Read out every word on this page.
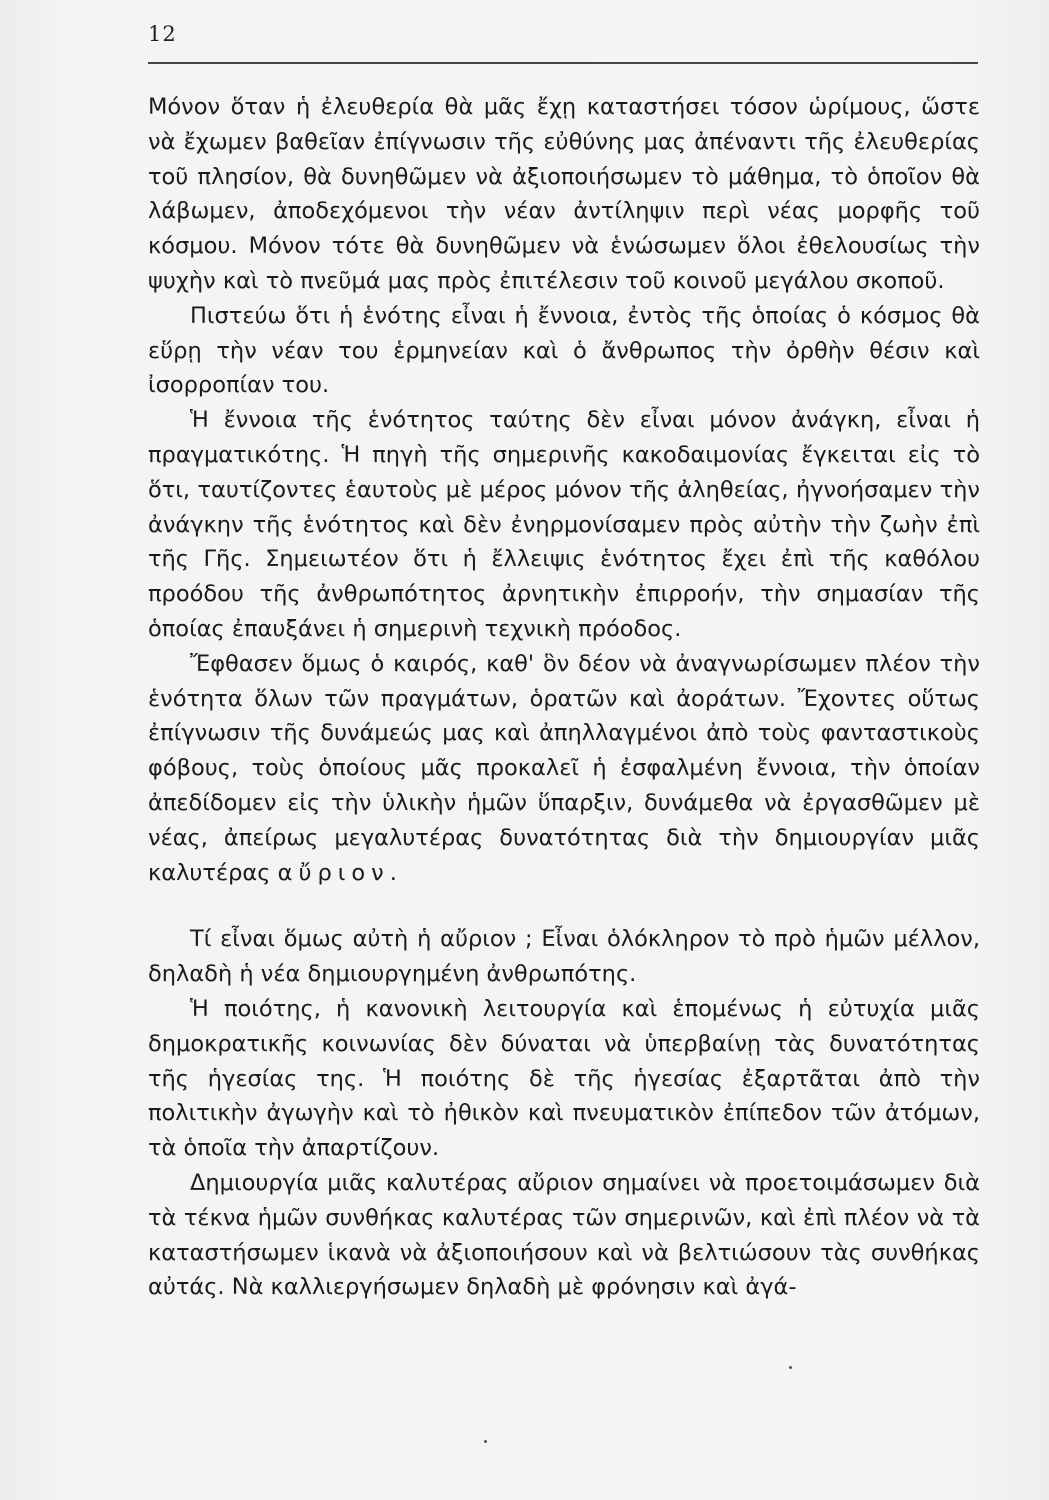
12

Μόνον ὅταν ἡ ἐλευθερία θὰ μᾶς ἔχῃ καταστήσει τόσον ὡρίμους, ὥστε νὰ ἔχωμεν βαθεῖαν ἐπίγνωσιν τῆς εὐθύνης μας ἀπέναντι τῆς ἐλευθερίας τοῦ πλησίον, θὰ δυνηθῶμεν νὰ ἀξιοποιήσωμεν τὸ μάθημα, τὸ ὁποῖον θὰ λάβωμεν, ἀποδεχόμενοι τὴν νέαν ἀντίληψιν περὶ νέας μορφῆς τοῦ κόσμου. Μόνον τότε θὰ δυνηθῶμεν νὰ ἑνώσωμεν ὅλοι ἐθελουσίως τὴν ψυχὴν καὶ τὸ πνεῦμά μας πρὸς ἐπιτέλεσιν τοῦ κοινοῦ μεγάλου σκοποῦ.

Πιστεύω ὅτι ἡ ἑνότης εἶναι ἡ ἔννοια, ἐντὸς τῆς ὁποίας ὁ κόσμος θὰ εὕρῃ τὴν νέαν του ἑρμηνείαν καὶ ὁ ἄνθρωπος τὴν ὀρθὴν θέσιν καὶ ἰσορροπίαν του.

Ἡ ἔννοια τῆς ἑνότητος ταύτης δὲν εἶναι μόνον ἀνάγκη, εἶναι ἡ πραγματικότης. Ἡ πηγὴ τῆς σημερινῆς κακοδαιμονίας ἔγκειται εἰς τὸ ὅτι, ταυτίζοντες ἑαυτοὺς μὲ μέρος μόνον τῆς ἀληθείας, ἠγνοήσαμεν τὴν ἀνάγκην τῆς ἑνότητος καὶ δὲν ἐνηρμονίσαμεν πρὸς αὐτὴν τὴν ζωὴν ἐπὶ τῆς Γῆς. Σημειωτέον ὅτι ἡ ἔλλειψις ἑνότητος ἔχει ἐπὶ τῆς καθόλου προόδου τῆς ἀνθρωπότητος ἀρνητικὴν ἐπιρροήν, τὴν σημασίαν τῆς ὁποίας ἐπαυξάνει ἡ σημερινὴ τεχνικὴ πρόοδος.

Ἔφθασεν ὅμως ὁ καιρός, καθ' ὃν δέον νὰ ἀναγνωρίσωμεν πλέον τὴν ἑνότητα ὅλων τῶν πραγμάτων, ὁρατῶν καὶ ἀοράτων. Ἔχοντες οὕτως ἐπίγνωσιν τῆς δυνάμεώς μας καὶ ἀπηλλαγμένοι ἀπὸ τοὺς φανταστικοὺς φόβους, τοὺς ὁποίους μᾶς προκαλεῖ ἡ ἐσφαλμένη ἔννοια, τὴν ὁποίαν ἀπεδίδομεν εἰς τὴν ὑλικὴν ἡμῶν ὕπαρξιν, δυνάμεθα νὰ ἐργασθῶμεν μὲ νέας, ἀπείρως μεγαλυτέρας δυνατότητας διὰ τὴν δημιουργίαν μιᾶς καλυτέρας αὔριον.

Τί εἶναι ὅμως αὐτὴ ἡ αὔριον ; Εἶναι ὁλόκληρον τὸ πρὸ ἡμῶν μέλλον, δηλαδὴ ἡ νέα δημιουργημένη ἀνθρωπότης.

Ἡ ποιότης, ἡ κανονικὴ λειτουργία καὶ ἑπομένως ἡ εὐτυχία μιᾶς δημοκρατικῆς κοινωνίας δὲν δύναται νὰ ὑπερβαίνῃ τὰς δυνατότητας τῆς ἡγεσίας της. Ἡ ποιότης δὲ τῆς ἡγεσίας ἐξαρτᾶται ἀπὸ τὴν πολιτικὴν ἀγωγὴν καὶ τὸ ἠθικὸν καὶ πνευματικὸν ἐπίπεδον τῶν ἀτόμων, τὰ ὁποῖα τὴν ἀπαρτίζουν.

Δημιουργία μιᾶς καλυτέρας αὔριον σημαίνει νὰ προετοιμάσωμεν διὰ τὰ τέκνα ἡμῶν συνθήκας καλυτέρας τῶν σημερινῶν, καὶ ἐπὶ πλέον νὰ τὰ καταστήσωμεν ἱκανὰ νὰ ἀξιοποιήσουν καὶ νὰ βελτιώσουν τὰς συνθήκας αὐτάς. Νὰ καλλιεργήσωμεν δηλαδὴ μὲ φρόνησιν καὶ ἀγά-
